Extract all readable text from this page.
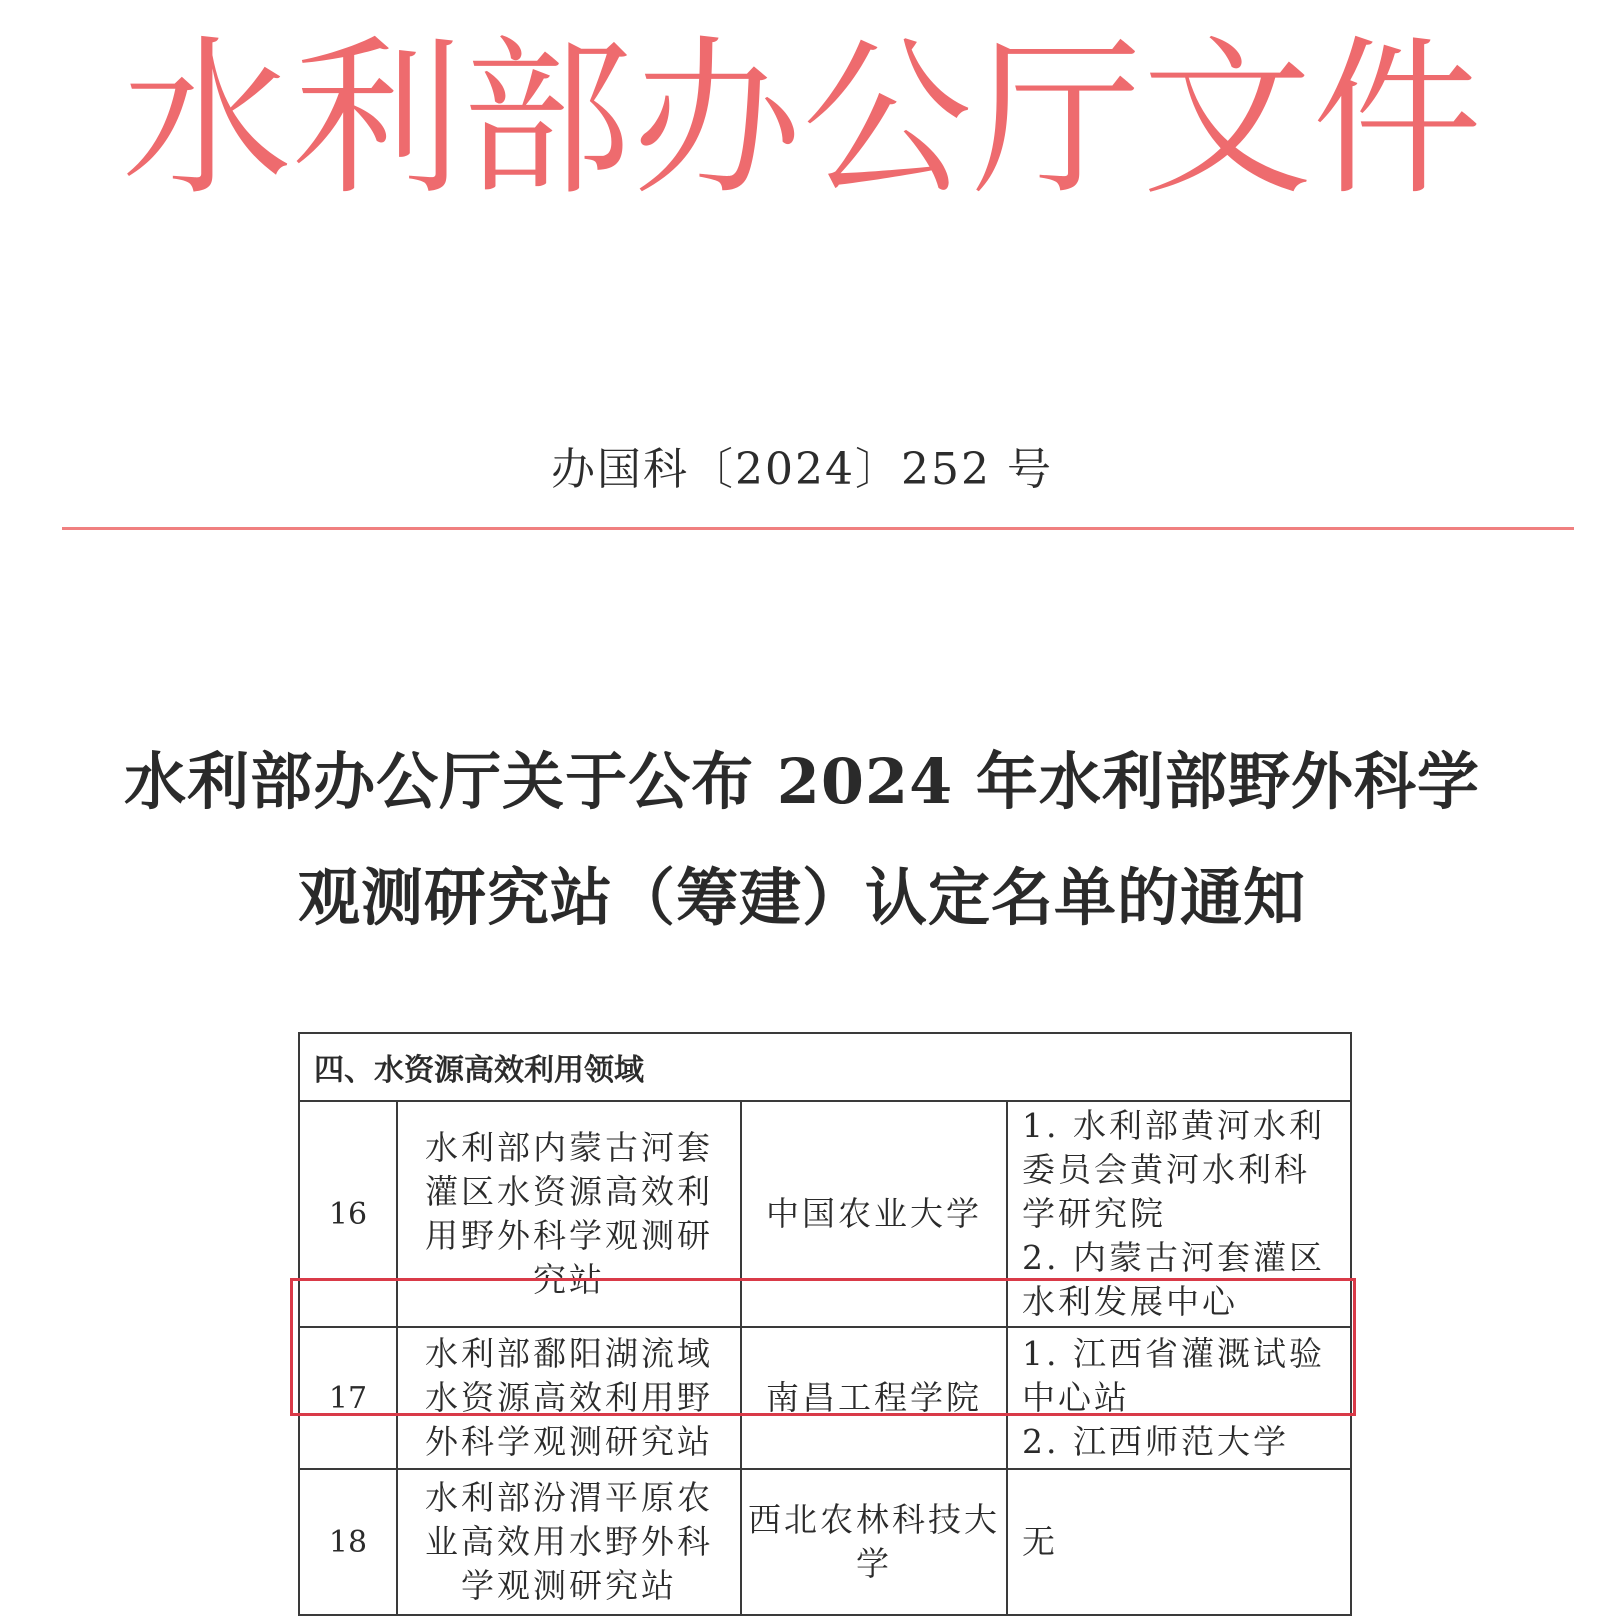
水利部办公厅文件
办国科〔2024〕252 号
水利部办公厅关于公布 2024 年水利部野外科学
观测研究站（筹建）认定名单的通知
四、水资源高效利用领域			
16	水利部内蒙古河套灌区水资源高效利用野外科学观测研究站	中国农业大学	1. 水利部黄河水利委员会黄河水利科学研究院
2. 内蒙古河套灌区水利发展中心

17	水利部鄱阳湖流域水资源高效利用野外科学观测研究站	南昌工程学院	1. 江西省灌溉试验中心站
2. 江西师范大学

18	水利部汾渭平原农业高效用水野外科学观测研究站	西北农林科技大学	无
